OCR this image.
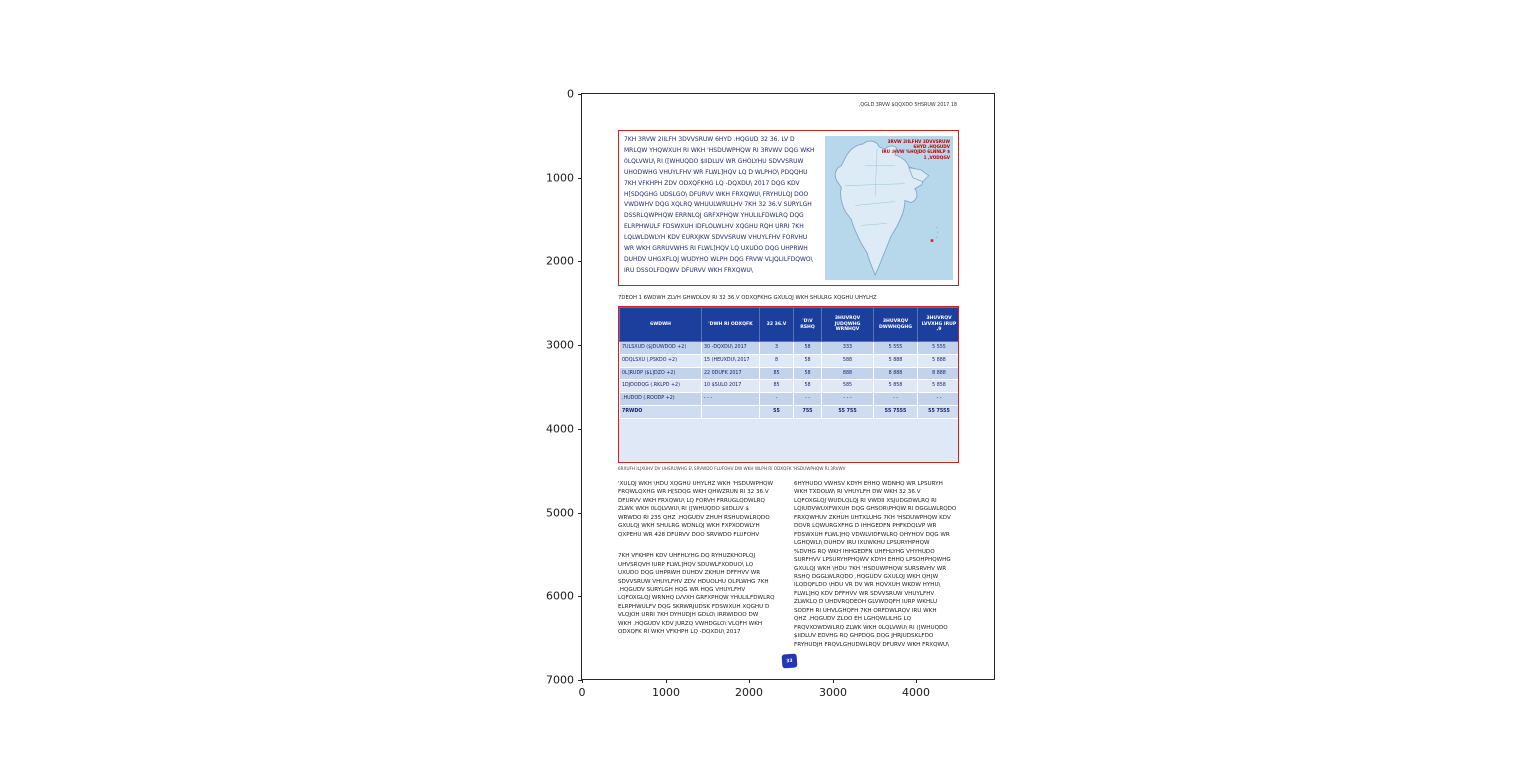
0
1000
2000
3000
4000
5000
6000
7000
0	1000	2000	3000	4000
,QGLD 3RVW $QQXDO 5HSRUW 2017 18
7KH 3RVW 2IILFH 3DVVSRUW 6HYD .HQGUD 32 36. LV D
MRLQW YHQWXUH RI WKH 'HSDUWPHQW RI 3RVWV DQG WKH
0LQLVWU\ RI ([WHUQDO $IIDLUV WR GHOLYHU SDVVSRUW
UHODWHG VHUYLFHV WR FLWL]HQV LQ D WLPHO\ PDQQHU
7KH VFKHPH ZDV ODXQFKHG LQ -DQXDU\ 2017 DQG KDV
H[SDQGHG UDSLGO\ DFURVV WKH FRXQWU\ FRYHULQJ DOO
VWDWHV DQG XQLRQ WHUULWRULHV 7KH 32 36.V SURYLGH
DSSRLQWPHQW ERRNLQJ GRFXPHQW YHULILFDWLRQ DQG
ELRPHWULF FDSWXUH IDFLOLWLHV XQGHU RQH URRI 7KH
LQLWLDWLYH KDV EURXJKW SDVVSRUW VHUYLFHV FORVHU
WR WKH GRRUVWHS RI FLWL]HQV LQ UXUDO DQG UHPRWH
DUHDV UHGXFLQJ WUDYHO WLPH DQG FRVW VLJQLILFDQWO\
IRU DSSOLFDQWV DFURVV WKH FRXQWU\
3RVW 2IILFHV 3DVVSRUW 6HYD .HQGUDV
IRU :HVW %HQJDO 6LNNLP $ 1 ,VODQGV
7DEOH 1 6WDWH ZLVH GHWDLOV RI 32 36.V ODXQFKHG GXULQJ WKH SHULRG XQGHU UHYLHZ
6WDWH	'DWH RI ODXQFK	32 36.V	'D\V RSHQ	3HUVRQV JUDQWHG WRNHQV	3HUVRQV DWWHQGHG	3HUVRQV LVVXHG IRUP ,9
7ULSXUD ($JDUWDOD +2)	30 -DQXDU\ 2017	3	58	333	5 555	5 555
0DQLSXU (,PSKDO +2)	15 )HEUXDU\ 2017	8	58	588	5 888	5 888
0L]RUDP ($L]DZO +2)	22 0DUFK 2017	85	58	888	8 888	8 888
1DJDODQG (.RKLPD +2)	10 $SULO 2017	85	58	585	5 858	5 858
.HUDOD (.ROODP +2)	- - -	-	- -	- - -	- -	- -
7RWDO		55	755	55 755	55 7555	55 7555
6RXUFH ILJXUHV DV UHSRUWHG E\ SRVWDO FLUFOHV DW WKH WLPH RI ODXQFK 'HSDUWPHQW RI 3RVWV
'XULQJ WKH \HDU XQGHU UHYLHZ WKH 'HSDUWPHQW
FRQWLQXHG WR H[SDQG WKH QHWZRUN RI 32 36.V
DFURVV WKH FRXQWU\ LQ FORVH FRRUGLQDWLRQ
ZLWK WKH 0LQLVWU\ RI ([WHUQDO $IIDLUV $
WRWDO RI 235 QHZ .HQGUDV ZHUH RSHUDWLRQDO
GXULQJ WKH SHULRG WDNLQJ WKH FXPXODWLYH
QXPEHU WR 428 DFURVV DOO SRVWDO FLUFOHV
7KH VFKHPH KDV UHFHLYHG DQ RYHUZKHOPLQJ
UHVSRQVH IURP FLWL]HQV SDUWLFXODUO\ LQ
UXUDO DQG UHPRWH DUHDV ZKHUH DFFHVV WR
SDVVSRUW VHUYLFHV ZDV HDUOLHU OLPLWHG 7KH
.HQGUDV SURYLGH HQG WR HQG VHUYLFHV
LQFOXGLQJ WRNHQ LVVXH GRFXPHQW YHULILFDWLRQ
ELRPHWULFV DQG SKRWRJUDSK FDSWXUH XQGHU D
VLQJOH URRI 7KH DYHUDJH GDLO\ IRRWIDOO DW
WKH .HQGUDV KDV JURZQ VWHDGLO\ VLQFH WKH
ODXQFK RI WKH VFKHPH LQ -DQXDU\ 2017
6HYHUDO VWHSV KDYH EHHQ WDNHQ WR LPSURYH
WKH TXDOLW\ RI VHUYLFH DW WKH 32 36.V
LQFOXGLQJ WUDLQLQJ RI VWDII XSJUDGDWLRQ RI
LQIUDVWUXFWXUH DQG GHSOR\PHQW RI DGGLWLRQDO
FRXQWHUV ZKHUH UHTXLUHG 7KH 'HSDUWPHQW KDV
DOVR LQWURGXFHG D IHHGEDFN PHFKDQLVP WR
FDSWXUH FLWL]HQ VDWLVIDFWLRQ OHYHOV DQG WR
LGHQWLI\ DUHDV IRU IXUWKHU LPSURYHPHQW
%DVHG RQ WKH IHHGEDFN UHFHLYHG VHYHUDO
SURFHVV LPSURYHPHQWV KDYH EHHQ LPSOHPHQWHG
GXULQJ WKH \HDU 7KH 'HSDUWPHQW SURSRVHV WR
RSHQ DGGLWLRQDO .HQGUDV GXULQJ WKH QH[W
ILQDQFLDO \HDU VR DV WR HQVXUH WKDW HYHU\
FLWL]HQ KDV DFFHVV WR SDVVSRUW VHUYLFHV
ZLWKLQ D UHDVRQDEOH GLVWDQFH IURP WKHLU
SODFH RI UHVLGHQFH 7KH ORFDWLRQV IRU WKH
QHZ .HQGUDV ZLOO EH LGHQWLILHG LQ
FRQVXOWDWLRQ ZLWK WKH 0LQLVWU\ RI ([WHUQDO
$IIDLUV EDVHG RQ GHPDQG DQG JHRJUDSKLFDO
FRYHUDJH FRQVLGHUDWLRQV DFURVV WKH FRXQWU\
33
